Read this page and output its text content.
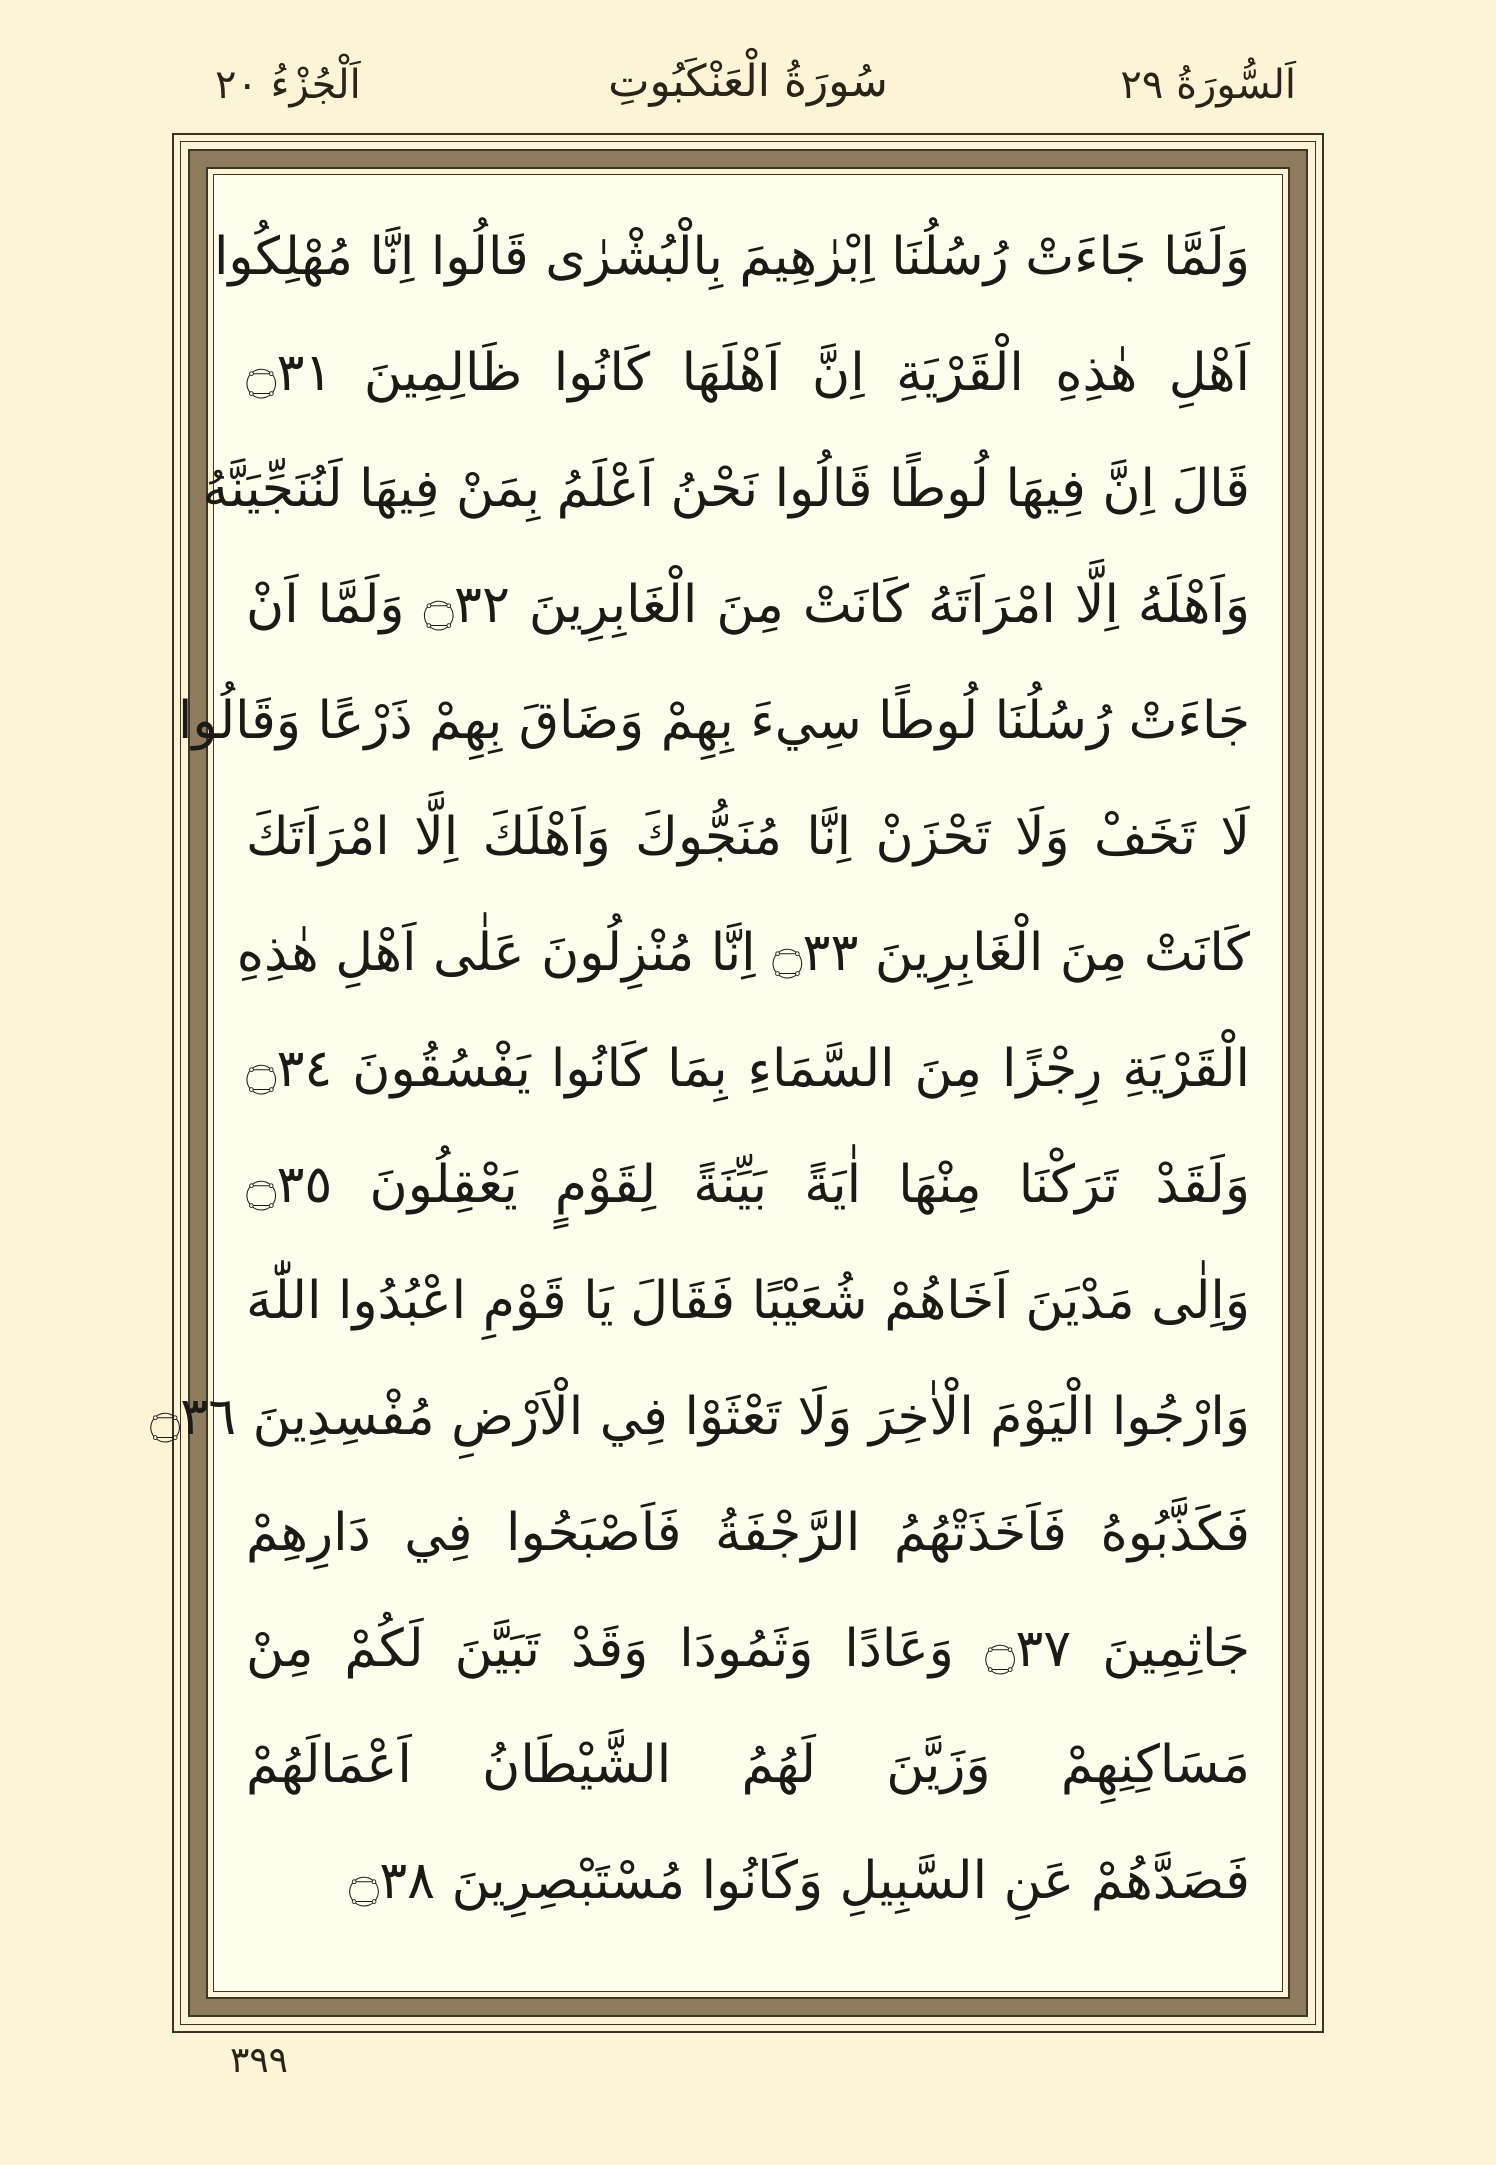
اَلسُّورَةُ ٢٩
سُورَةُ الْعَنْكَبُوتِ
اَلْجُزْءُ ٢٠
وَلَمَّا جَاءَتْ رُسُلُنَا اِبْرٰهِيمَ بِالْبُشْرٰى قَالُوا اِنَّا مُهْلِكُوا
اَهْلِ هٰذِهِ الْقَرْيَةِ اِنَّ اَهْلَهَا كَانُوا ظَالِمِينَ ۝٣١
قَالَ اِنَّ فِيهَا لُوطًا قَالُوا نَحْنُ اَعْلَمُ بِمَنْ فِيهَا لَنُنَجِّيَنَّهُ
وَاَهْلَهُ اِلَّا امْرَاَتَهُ كَانَتْ مِنَ الْغَابِرِينَ ۝٣٢ وَلَمَّا اَنْ
جَاءَتْ رُسُلُنَا لُوطًا سِيءَ بِهِمْ وَضَاقَ بِهِمْ ذَرْعًا وَقَالُوا
لَا تَخَفْ وَلَا تَحْزَنْ اِنَّا مُنَجُّوكَ وَاَهْلَكَ اِلَّا امْرَاَتَكَ
كَانَتْ مِنَ الْغَابِرِينَ ۝٣٣ اِنَّا مُنْزِلُونَ عَلٰى اَهْلِ هٰذِهِ
الْقَرْيَةِ رِجْزًا مِنَ السَّمَاءِ بِمَا كَانُوا يَفْسُقُونَ ۝٣٤
وَلَقَدْ تَرَكْنَا مِنْهَا اٰيَةً بَيِّنَةً لِقَوْمٍ يَعْقِلُونَ ۝٣٥
وَاِلٰى مَدْيَنَ اَخَاهُمْ شُعَيْبًا فَقَالَ يَا قَوْمِ اعْبُدُوا اللّٰهَ
وَارْجُوا الْيَوْمَ الْاٰخِرَ وَلَا تَعْثَوْا فِي الْاَرْضِ مُفْسِدِينَ ۝٣٦
فَكَذَّبُوهُ فَاَخَذَتْهُمُ الرَّجْفَةُ فَاَصْبَحُوا فِي دَارِهِمْ
جَاثِمِينَ ۝٣٧ وَعَادًا وَثَمُودَا وَقَدْ تَبَيَّنَ لَكُمْ مِنْ
مَسَاكِنِهِمْ وَزَيَّنَ لَهُمُ الشَّيْطَانُ اَعْمَالَهُمْ
فَصَدَّهُمْ عَنِ السَّبِيلِ وَكَانُوا مُسْتَبْصِرِينَ ۝٣٨
٣٩٩
